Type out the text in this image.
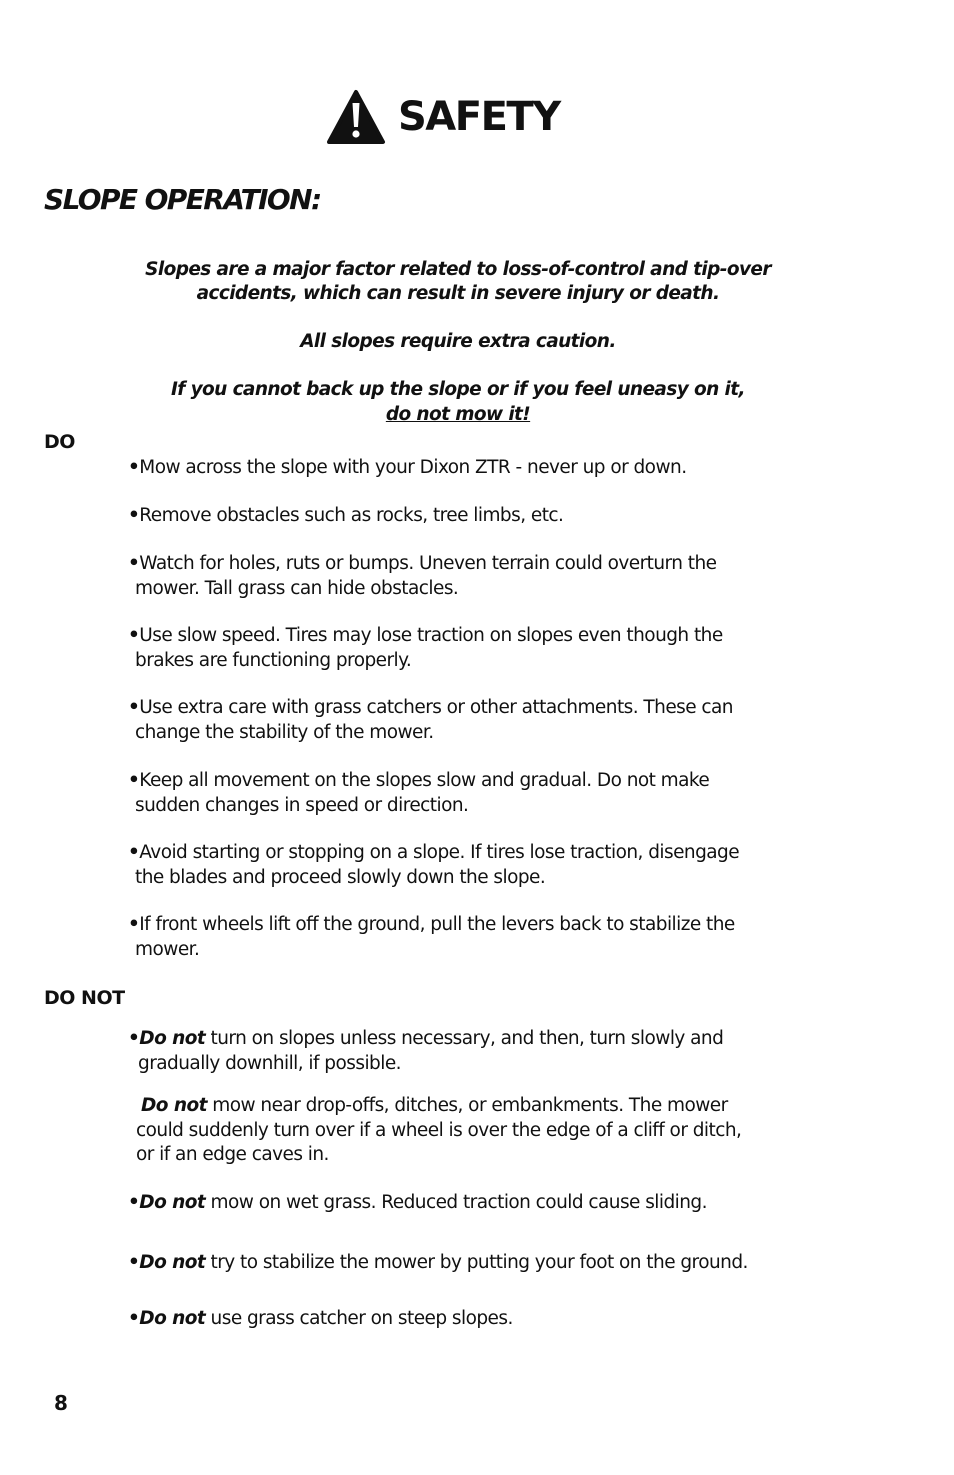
SAFETY
SLOPE OPERATION:
Slopes are a major factor related to loss-of-control and tip-over
accidents, which can result in severe injury or death.
All slopes require extra caution.
If you cannot back up the slope or if you feel uneasy on it,
do not mow it!
DO
•Mow across the slope with your Dixon ZTR - never up or down.
•Remove obstacles such as rocks, tree limbs, etc.
•Watch for holes, ruts or bumps. Uneven terrain could overturn the
mower. Tall grass can hide obstacles.
•Use slow speed. Tires may lose traction on slopes even though the
brakes are functioning properly.
•Use extra care with grass catchers or other attachments. These can
change the stability of the mower.
•Keep all movement on the slopes slow and gradual. Do not make
sudden changes in speed or direction.
•Avoid starting or stopping on a slope. If tires lose traction, disengage
the blades and proceed slowly down the slope.
•If front wheels lift off the ground, pull the levers back to stabilize the
mower.
DO NOT
•Do not turn on slopes unless necessary, and then, turn slowly and
gradually downhill, if possible.
Do not mow near drop-offs, ditches, or embankments. The mower
could suddenly turn over if a wheel is over the edge of a cliff or ditch,
or if an edge caves in.
•Do not mow on wet grass. Reduced traction could cause sliding.
•Do not try to stabilize the mower by putting your foot on the ground.
•Do not use grass catcher on steep slopes.
8
